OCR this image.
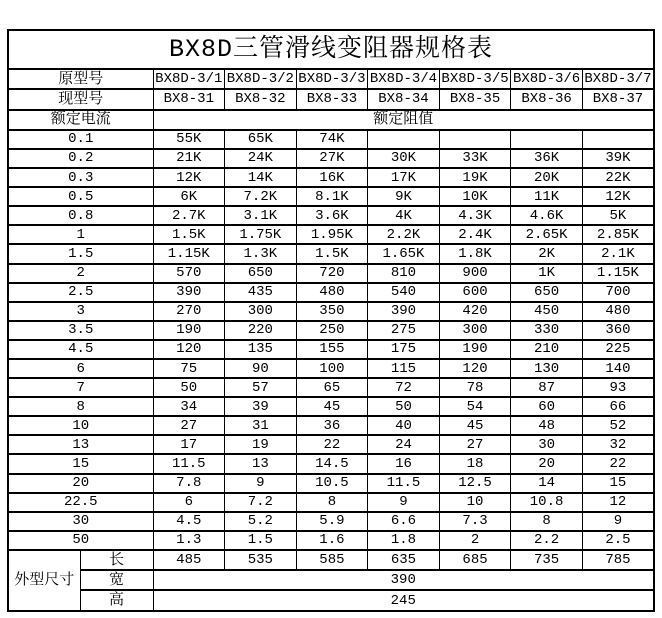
BX8D三管滑线变阻器规格表								
原型号		BX8D-3/1	BX8D-3/2	BX8D-3/3	BX8D-3/4	BX8D-3/5	BX8D-3/6	BX8D-3/7
现型号		BX8-31	BX8-32	BX8-33	BX8-34	BX8-35	BX8-36	BX8-37
额定电流		额定阻值						
0.1		55K	65K	74K				
0.2		21K	24K	27K	30K	33K	36K	39K
0.3		12K	14K	16K	17K	19K	20K	22K
0.5		6K	7.2K	8.1K	9K	10K	11K	12K
0.8		2.7K	3.1K	3.6K	4K	4.3K	4.6K	5K
1		1.5K	1.75K	1.95K	2.2K	2.4K	2.65K	2.85K
1.5		1.15K	1.3K	1.5K	1.65K	1.8K	2K	2.1K
2		570	650	720	810	900	1K	1.15K
2.5		390	435	480	540	600	650	700
3		270	300	350	390	420	450	480
3.5		190	220	250	275	300	330	360
4.5		120	135	155	175	190	210	225
6		75	90	100	115	120	130	140
7		50	57	65	72	78	87	93
8		34	39	45	50	54	60	66
10		27	31	36	40	45	48	52
13		17	19	22	24	27	30	32
15		11.5	13	14.5	16	18	20	22
20		7.8	9	10.5	11.5	12.5	14	15
22.5		6	7.2	8	9	10	10.8	12
30		4.5	5.2	5.9	6.6	7.3	8	9
50		1.3	1.5	1.6	1.8	2	2.2	2.5
外型尺寸	长	485	535	585	635	685	735	785
	宽	390						
	高	245						
